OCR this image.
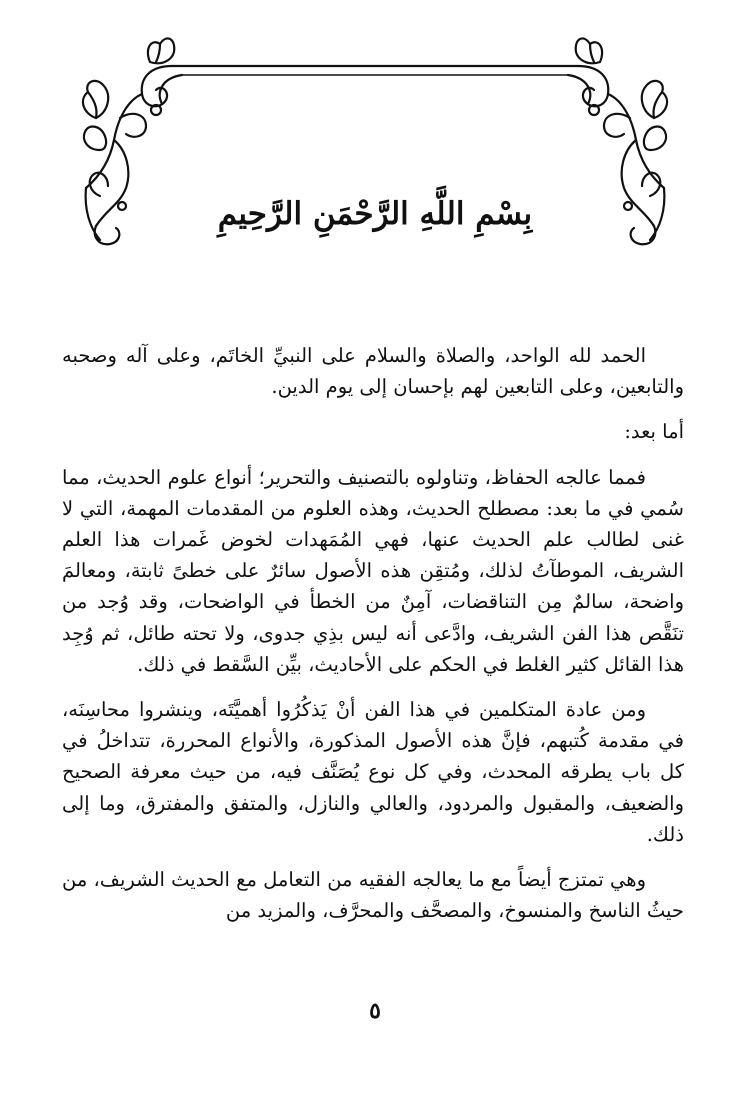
بِسْمِ اللَّهِ الرَّحْمَنِ الرَّحِيمِ

الحمد لله الواحد، والصلاة والسلام على النبيِّ الخاتَم، وعلى آله وصحبه والتابعين، وعلى التابعين لهم بإحسان إلى يوم الدين.

أما بعد:

فمما عالجه الحفاظ، وتناولوه بالتصنيف والتحرير؛ أنواع علوم الحديث، مما سُمي في ما بعد: مصطلح الحديث، وهذه العلوم من المقدمات المهمة، التي لا غنى لطالب علم الحديث عنها، فهي المُمَهدات لخوض غَمرات هذا العلم الشريف، الموطآتُ لذلك، ومُتقِن هذه الأصول سائرٌ على خطىً ثابتة، ومعالمَ واضحة، سالمٌ مِن التناقضات، آمِنٌ من الخطأ في الواضحات، وقد وُجد من تنَقَّص هذا الفن الشريف، وادَّعى أنه ليس بذِي جدوى، ولا تحته طائل، ثم وُجِد هذا القائل كثير الغلط في الحكم على الأحاديث، بيِّن السَّقط في ذلك.

ومن عادة المتكلمين في هذا الفن أنْ يَذكُرُوا أهميَّتَه، وينشروا محاسِنَه، في مقدمة كُتبهم، فإنَّ هذه الأصول المذكورة، والأنواع المحررة، تتداخلُ في كل باب يطرقه المحدث، وفي كل نوع يُصَنَّف فيه، من حيث معرفة الصحيح والضعيف، والمقبول والمردود، والعالي والنازل، والمتفق والمفترق، وما إلى ذلك.

وهي تمتزج أيضاً مع ما يعالجه الفقيه من التعامل مع الحديث الشريف، من حيثُ الناسخ والمنسوخ، والمصحَّف والمحرَّف، والمزيد من

٥
